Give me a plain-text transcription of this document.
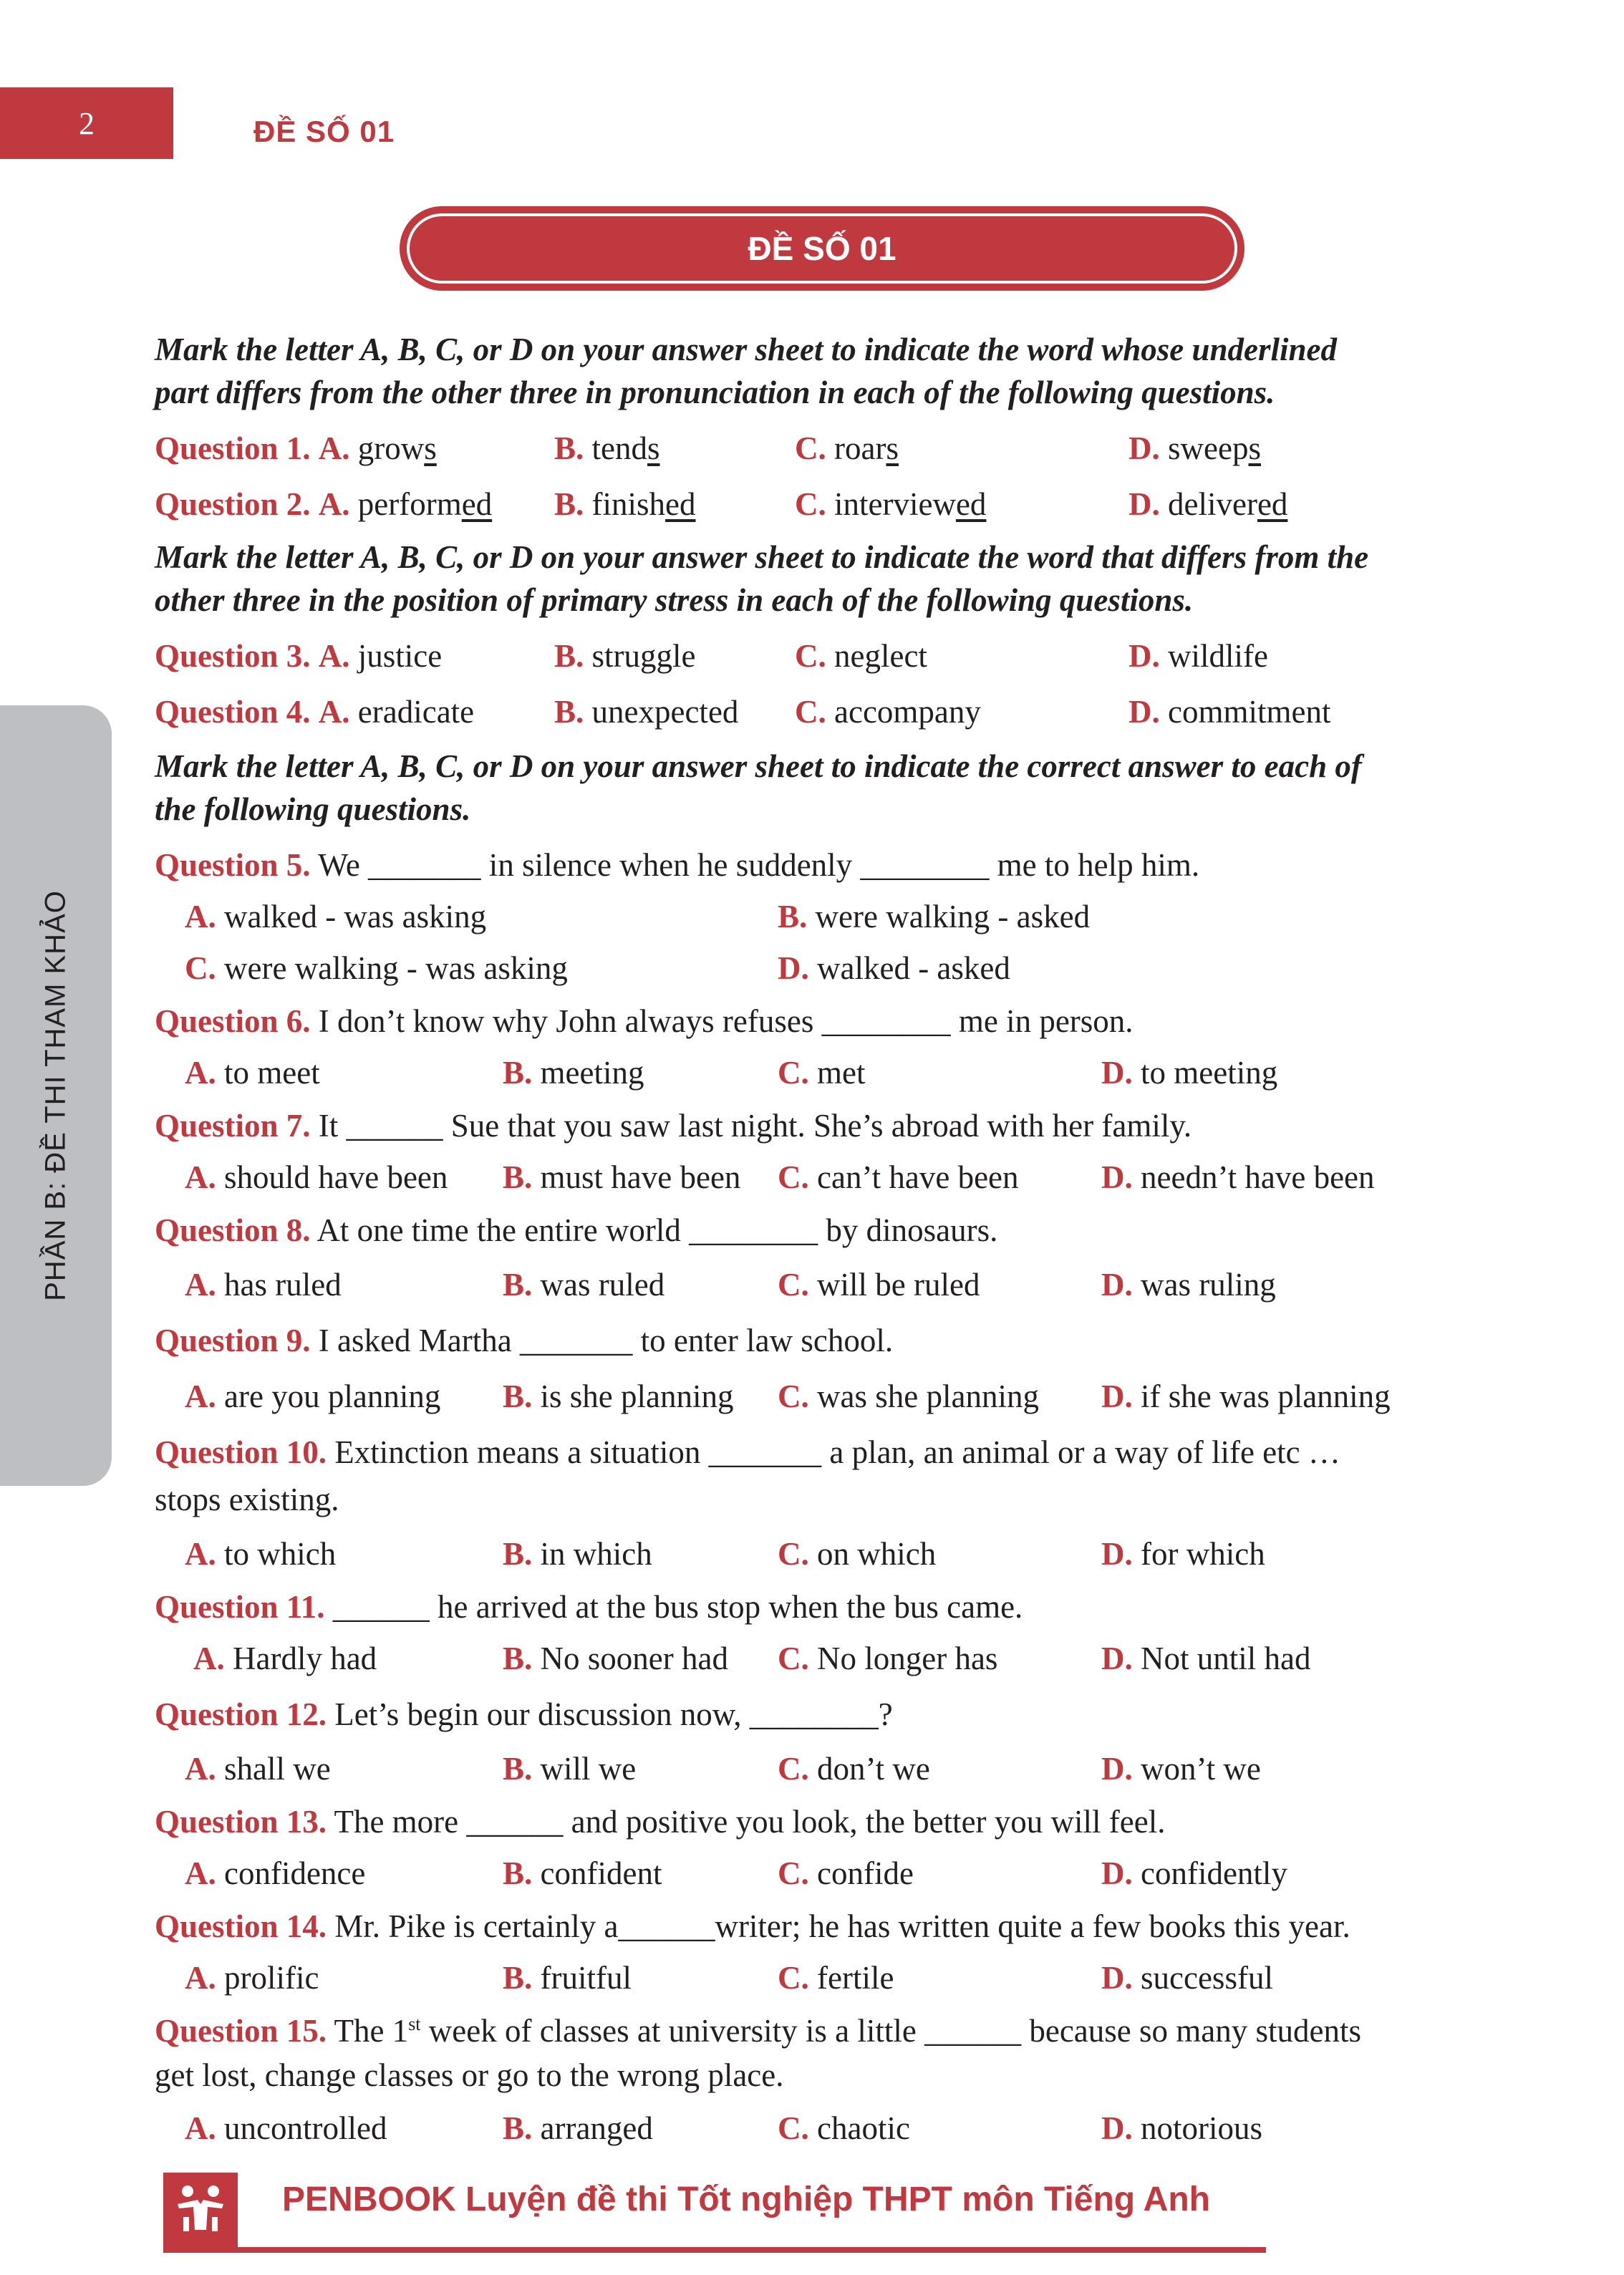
2	ĐỀ SỐ 01
PHẦN B: ĐỀ THI THAM KHẢO
ĐỀ SỐ 01
Mark the letter A, B, C, or D on your answer sheet to indicate the word whose underlined
part differs from the other three in pronunciation in each of the following questions.
Question 1. A. grows	B. tends	C. roars	D. sweeps
Question 2. A. performed B. finished	C. interviewed	D. delivered
Mark the letter A, B, C, or D on your answer sheet to indicate the word that differs from the
other three in the position of primary stress in each of the following questions.
Question 3. A. justice	B. struggle	C. neglect	D. wildlife
Question 4. A. eradicate B. unexpected C. accompany	D. commitment
Mark the letter A, B, C, or D on your answer sheet to indicate the correct answer to each of
the following questions.
Question 5. We _______ in silence when he suddenly ________ me to help him.
A. walked - was asking	B. were walking - asked
C. were walking - was asking	D. walked - asked
Question 6. I don’t know why John always refuses ________ me in person.
A. to meet	B. meeting	C. met	D. to meeting
Question 7. It ______ Sue that you saw last night. She’s abroad with her family.
A. should have been B. must have been C. can’t have been	D. needn’t have been
Question 8. At one time the entire world ________ by dinosaurs.
A. has ruled	B. was ruled	C. will be ruled	D. was ruling
Question 9. I asked Martha _______ to enter law school.
A. are you planning B. is she planning C. was she planning D. if she was planning
Question 10. Extinction means a situation _______ a plan, an animal or a way of life etc …
stops existing.
A. to which	B. in which	C. on which	D. for which
Question 11. ______ he arrived at the bus stop when the bus came.
A. Hardly had	B. No sooner had C. No longer has	D. Not until had
Question 12. Let’s begin our discussion now, ________?
A. shall we	B. will we	C. don’t we	D. won’t we
Question 13. The more ______ and positive you look, the better you will feel.
A. confidence	B. confident	C. confide	D. confidently
Question 14. Mr. Pike is certainly a______writer; he has written quite a few books this year.
A. prolific	B. fruitful	C. fertile	D. successful
Question 15. The 1st week of classes at university is a little ______ because so many students
get lost, change classes or go to the wrong place.
A. uncontrolled	B. arranged	C. chaotic	D. notorious
PENBOOK Luyện đề thi Tốt nghiệp THPT môn Tiếng Anh
